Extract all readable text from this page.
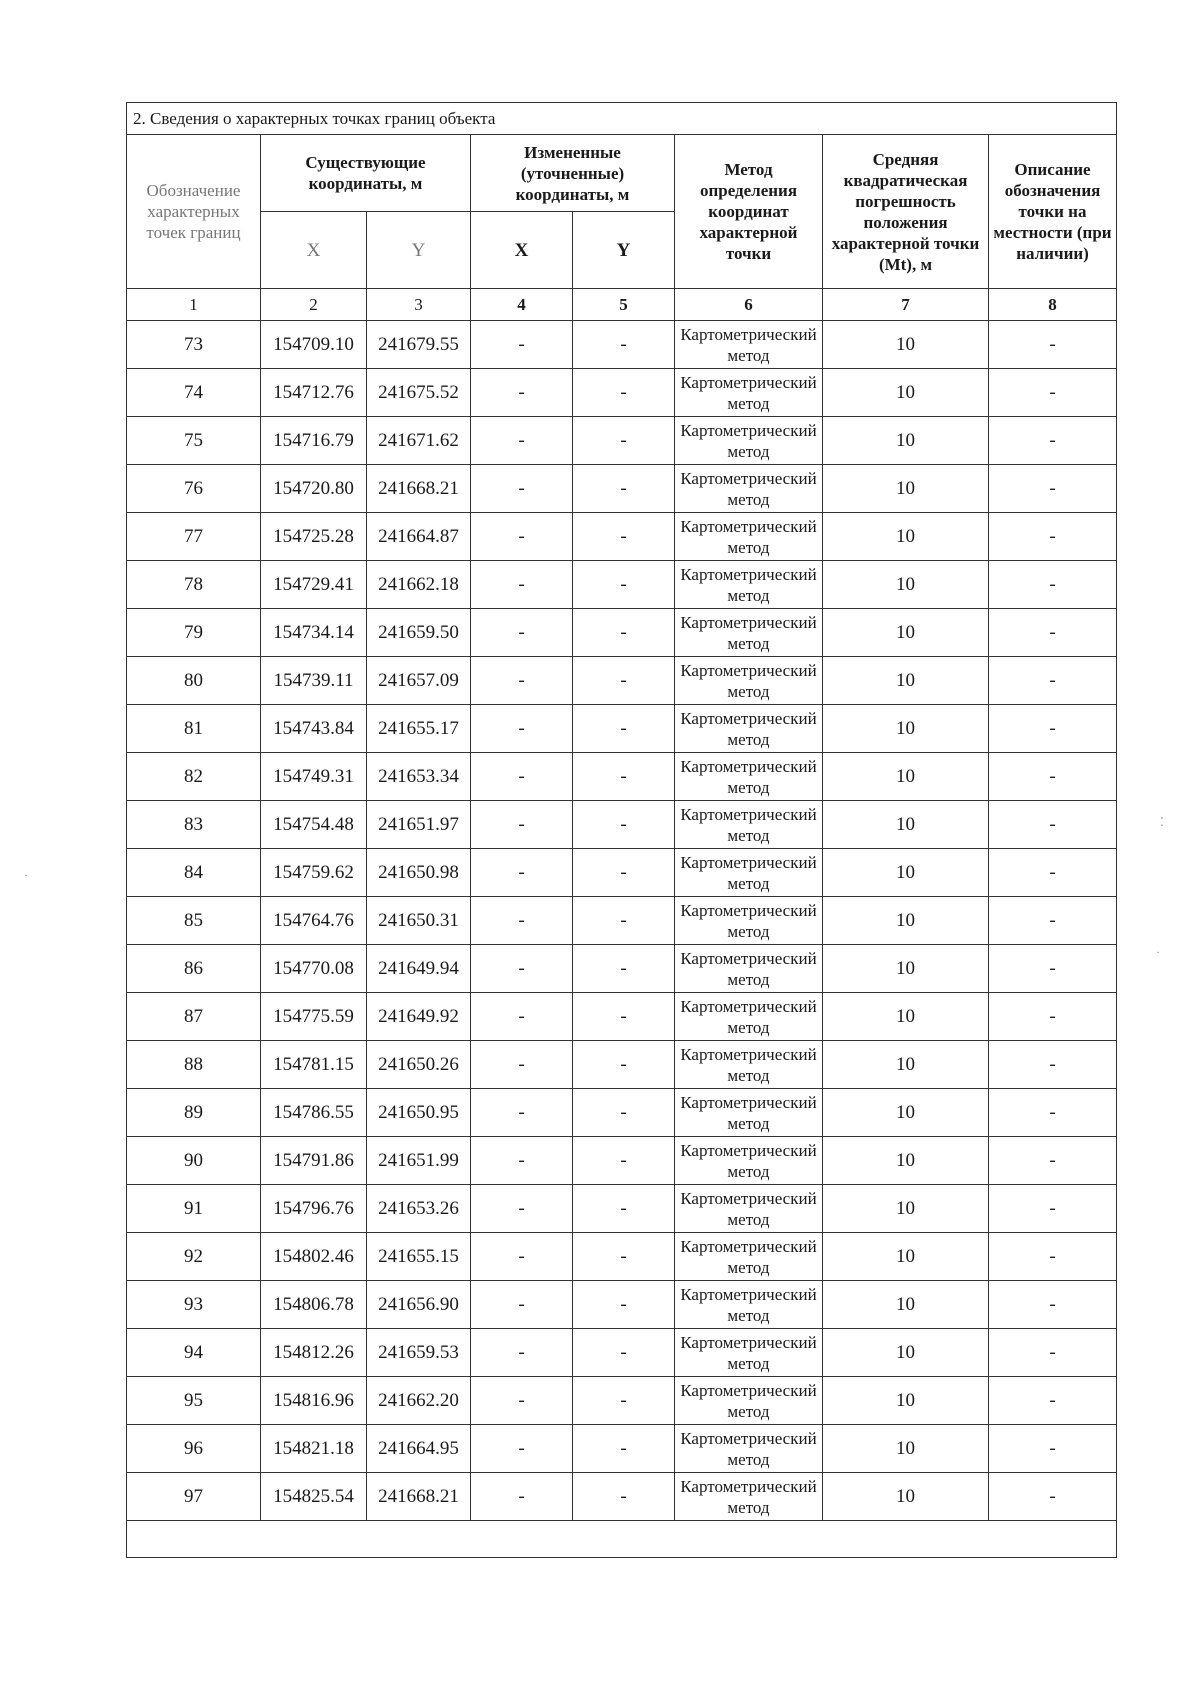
2. Сведения о характерных точках границ объекта							
Обозначение характерных точек границ	Существующие координаты, м		Измененные (уточненные) координаты, м		Метод определения координат характерной точки	Средняя квадратическая погрешность положения характерной точки (Mt), м	Описание обозначения точки на местности (при наличии)
	X	Y	X	Y			
1	2	3	4	5	6	7	8
73	154709.10	241679.55	-	-	Картометрический метод	10	-
74	154712.76	241675.52	-	-	Картометрический метод	10	-
75	154716.79	241671.62	-	-	Картометрический метод	10	-
76	154720.80	241668.21	-	-	Картометрический метод	10	-
77	154725.28	241664.87	-	-	Картометрический метод	10	-
78	154729.41	241662.18	-	-	Картометрический метод	10	-
79	154734.14	241659.50	-	-	Картометрический метод	10	-
80	154739.11	241657.09	-	-	Картометрический метод	10	-
81	154743.84	241655.17	-	-	Картометрический метод	10	-
82	154749.31	241653.34	-	-	Картометрический метод	10	-
83	154754.48	241651.97	-	-	Картометрический метод	10	-
84	154759.62	241650.98	-	-	Картометрический метод	10	-
85	154764.76	241650.31	-	-	Картометрический метод	10	-
86	154770.08	241649.94	-	-	Картометрический метод	10	-
87	154775.59	241649.92	-	-	Картометрический метод	10	-
88	154781.15	241650.26	-	-	Картометрический метод	10	-
89	154786.55	241650.95	-	-	Картометрический метод	10	-
90	154791.86	241651.99	-	-	Картометрический метод	10	-
91	154796.76	241653.26	-	-	Картометрический метод	10	-
92	154802.46	241655.15	-	-	Картометрический метод	10	-
93	154806.78	241656.90	-	-	Картометрический метод	10	-
94	154812.26	241659.53	-	-	Картометрический метод	10	-
95	154816.96	241662.20	-	-	Картометрический метод	10	-
96	154821.18	241664.95	-	-	Картометрический метод	10	-
97	154825.54	241668.21	-	-	Картометрический метод	10	-

⁚
·
·
